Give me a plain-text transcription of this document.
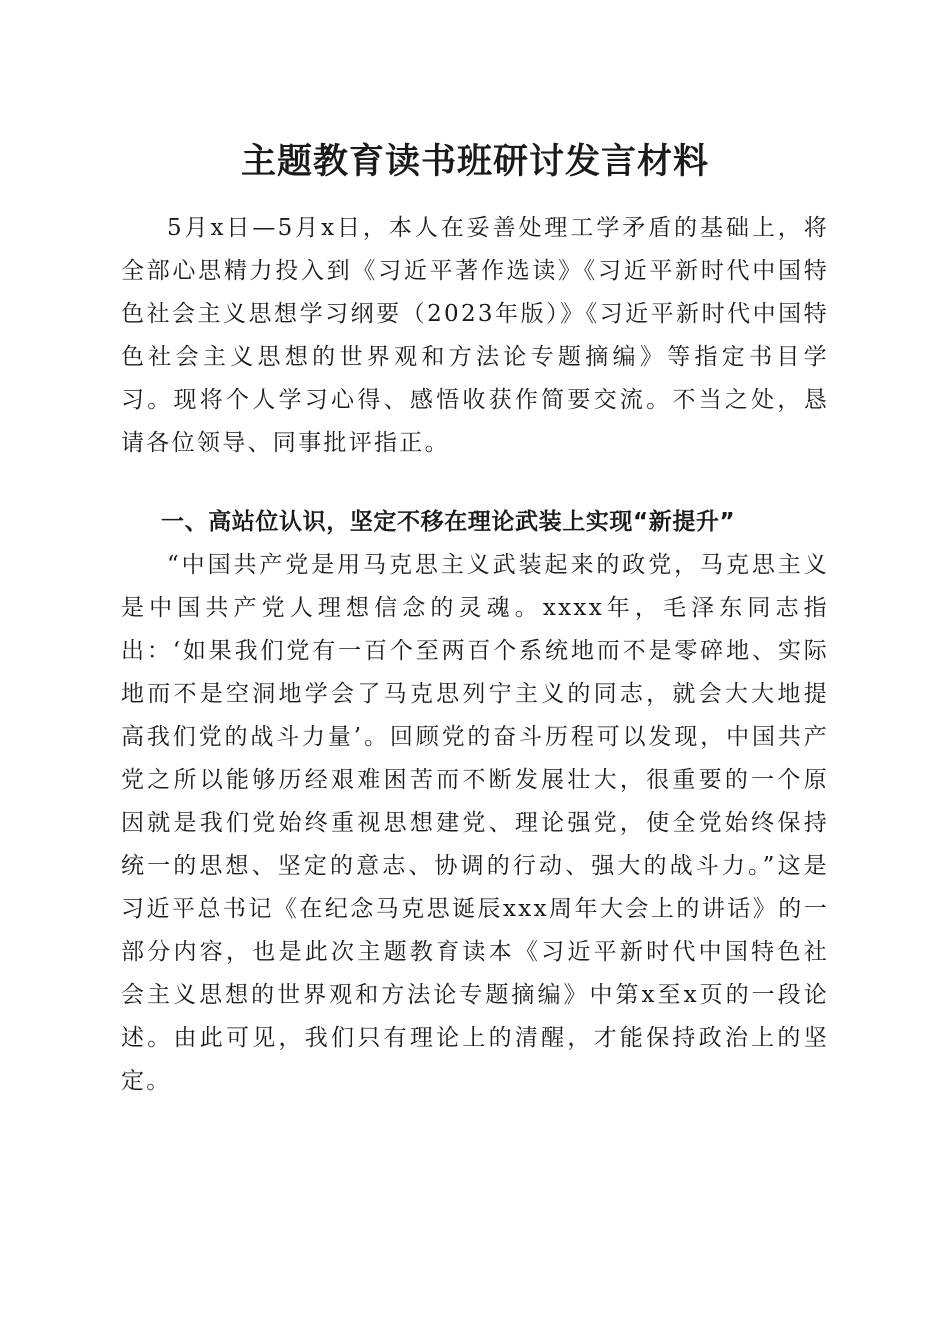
主题教育读书班研讨发言材料

5月x日—5月x日，本人在妥善处理工学矛盾的基础上，将全部心思精力投入到《习近平著作选读》《习近平新时代中国特色社会主义思想学习纲要（2023年版）》《习近平新时代中国特色社会主义思想的世界观和方法论专题摘编》等指定书目学习。现将个人学习心得、感悟收获作简要交流。不当之处，恳请各位领导、同事批评指正。

一、高站位认识，坚定不移在理论武装上实现“新提升”

“中国共产党是用马克思主义武装起来的政党，马克思主义是中国共产党人理想信念的灵魂。xxxx年，毛泽东同志指出：‘如果我们党有一百个至两百个系统地而不是零碎地、实际地而不是空洞地学会了马克思列宁主义的同志，就会大大地提高我们党的战斗力量’。回顾党的奋斗历程可以发现，中国共产党之所以能够历经艰难困苦而不断发展壮大，很重要的一个原因就是我们党始终重视思想建党、理论强党，使全党始终保持统一的思想、坚定的意志、协调的行动、强大的战斗力。”这是习近平总书记《在纪念马克思诞辰xxx周年大会上的讲话》的一部分内容，也是此次主题教育读本《习近平新时代中国特色社会主义思想的世界观和方法论专题摘编》中第x至x页的一段论述。由此可见，我们只有理论上的清醒，才能保持政治上的坚定。
